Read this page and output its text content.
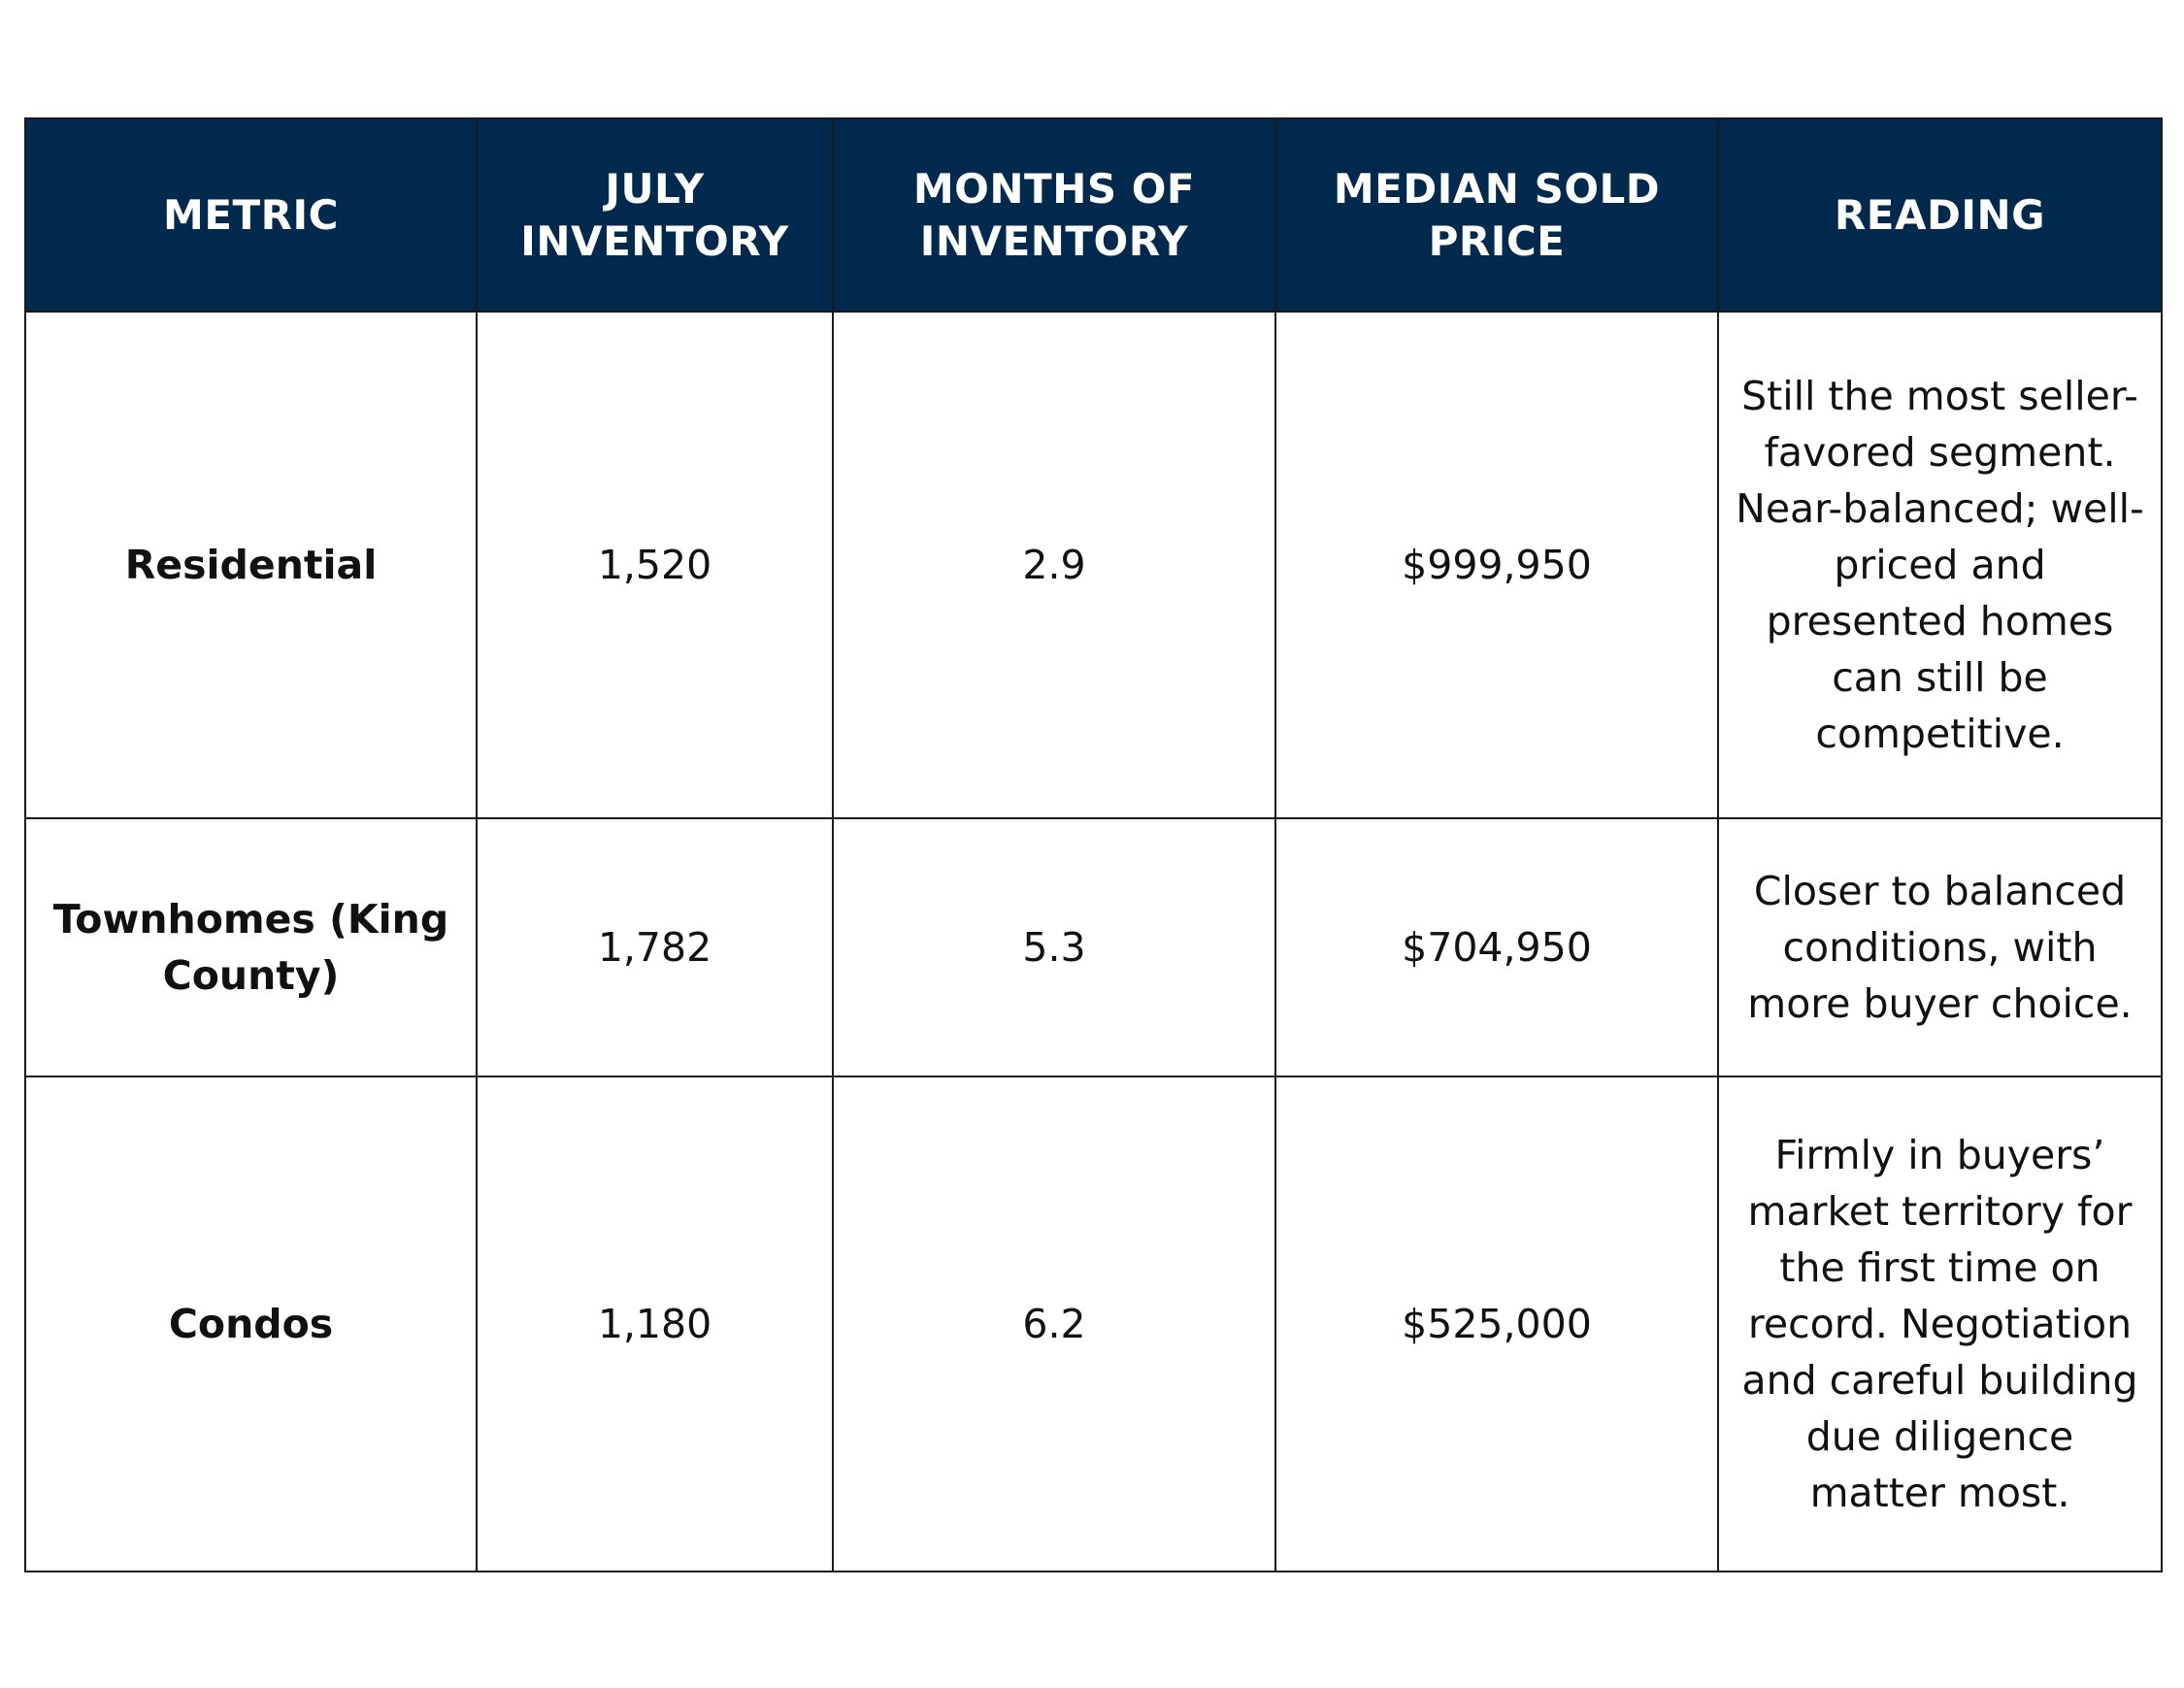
METRIC	JULY INVENTORY	MONTHS OF INVENTORY	MEDIAN SOLD PRICE	READING
Residential	1,520	2.9	$999,950	Still the most seller-favored segment. Near-balanced; well-priced and presented homes can still be competitive.
Townhomes (King County)	1,782	5.3	$704,950	Closer to balanced conditions, with more buyer choice.
Condos	1,180	6.2	$525,000	Firmly in buyers’ market territory for the first time on record. Negotiation and careful building due diligence matter most.
